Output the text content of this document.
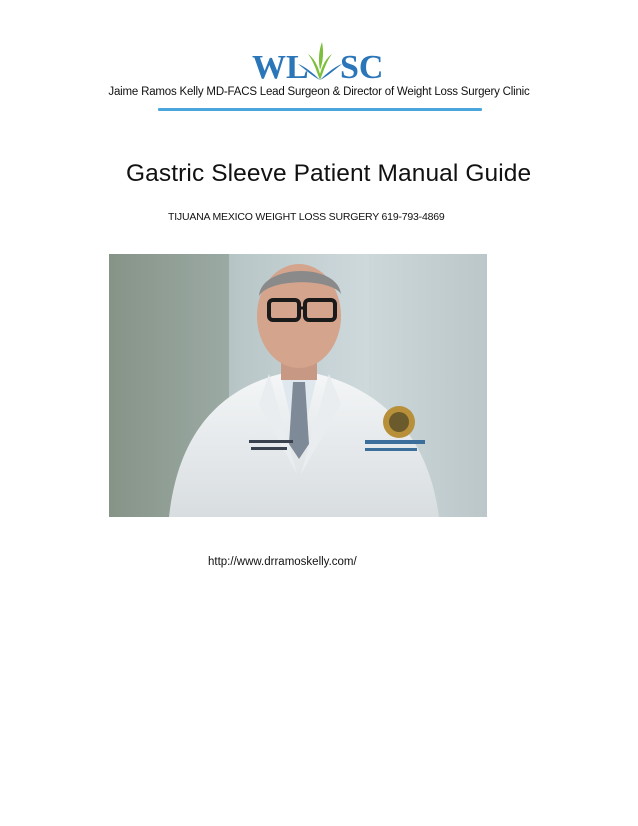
WL SC
Jaime Ramos Kelly MD-FACS Lead Surgeon & Director of Weight Loss Surgery Clinic
Gastric Sleeve Patient Manual Guide
TIJUANA MEXICO WEIGHT LOSS SURGERY 619-793-4869
http://www.drramoskelly.com/
